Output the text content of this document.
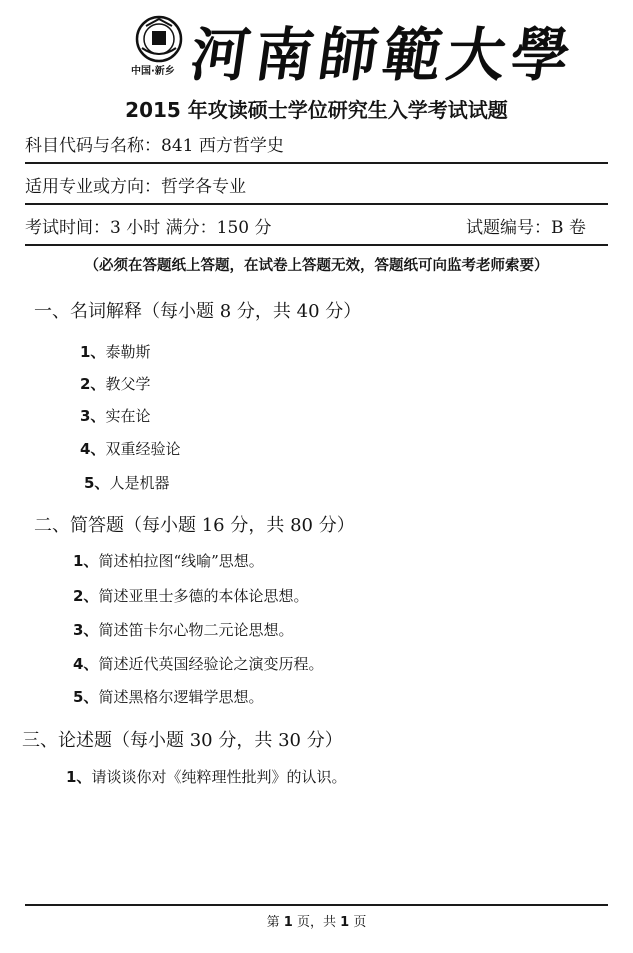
中国·新乡 河南師範大學
2015 年攻读硕士学位研究生入学考试试题
科目代码与名称：841 西方哲学史
适用专业或方向：哲学各专业
考试时间：3 小时 满分：150 分	试题编号：B 卷
（必须在答题纸上答题，在试卷上答题无效，答题纸可向监考老师索要）
一、名词解释（每小题 8 分，共 40 分）
1、泰勒斯
2、教父学
3、实在论
4、双重经验论
5、人是机器
二、简答题（每小题 16 分，共 80 分）
1、简述柏拉图“线喻”思想。
2、简述亚里士多德的本体论思想。
3、简述笛卡尔心物二元论思想。
4、简述近代英国经验论之演变历程。
5、简述黑格尔逻辑学思想。
三、论述题（每小题 30 分，共 30 分）
1、请谈谈你对《纯粹理性批判》的认识。
第 1 页，共 1 页
